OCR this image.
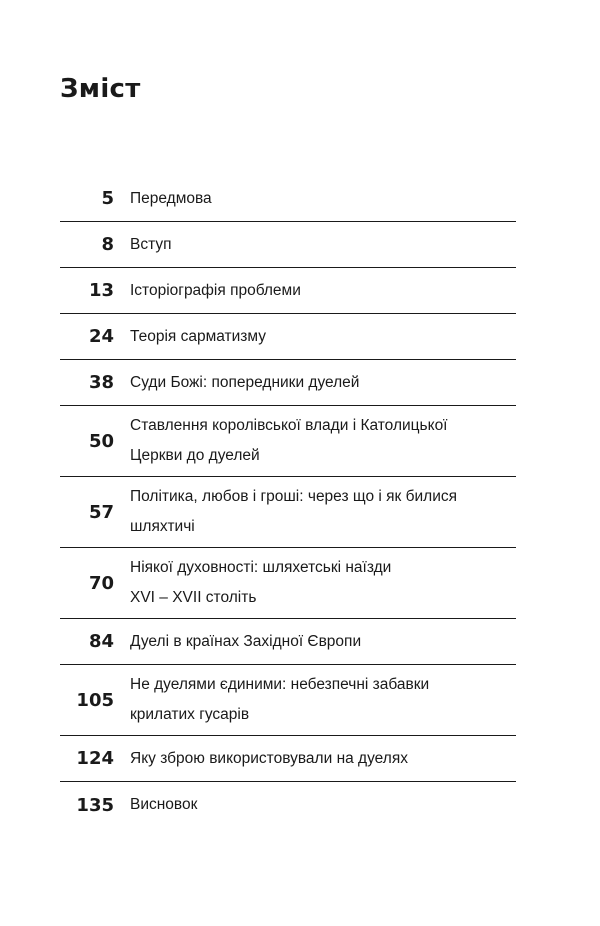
Зміст
5 Передмова
8 Вступ
13 Історіографія проблеми
24 Теорія сарматизму
38 Суди Божі: попередники дуелей
50
Ставлення королівської влади і Католицької
Церкви до дуелей
57
Політика, любов і гроші: через що і як билися
шляхтичі
70
Ніякої духовності: шляхетські наїзди
XVI – XVII століть
84 Дуелі в країнах Західної Європи
105
Не дуелями єдиними: небезпечні забавки
крилатих гусарів
124 Яку зброю використовували на дуелях
135 Висновок
